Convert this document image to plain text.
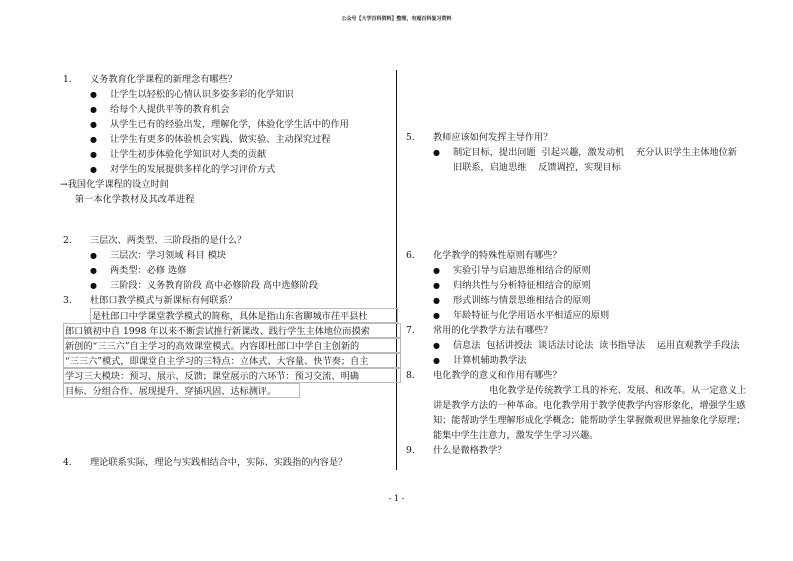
公众号【大学百科资料】整理，有超百科复习资料
1.	义务教育化学课程的新理念有哪些？
●	让学生以轻松的心情认识多姿多彩的化学知识
●	给每个人提供平等的教育机会
●	从学生已有的经验出发，理解化学，体验化学生活中的作用
●	让学生有更多的体验机会实践、做实验、主动探究过程
●	让学生初步体验化学知识对人类的贡献
●	对学生的发展提供多样化的学习评价方式
→我国化学课程的设立时间
第一本化学教材及其改革进程
2.	三层次、两类型、三阶段指的是什么？
●	三层次：学习领域 科目 模块
●	两类型：必修 选修
●	三阶段：义务教育阶段 高中必修阶段 高中选修阶段
3.	杜郎口教学模式与新课标有何联系？
是杜郎口中学课堂教学模式的简称，具体是指山东省聊城市茌平县杜
郎口镇初中自 1998 年以来不断尝试推行新课改、践行学生主体地位而摸索
新创的“三三六”自主学习的高效课堂模式。内容即杜郎口中学自主创新的
“三三六”模式，即课堂自主学习的三特点：立体式、大容量、快节奏；自主
学习三大模块：预习、展示、反馈；课堂展示的六环节：预习交流、明确
目标、分组合作、展现提升、穿插巩固、达标测评。
4.	理论联系实际，理论与实践相结合中，实际、实践指的内容是？
5.	教师应该如何发挥主导作用？
●	制定目标，提出问题  引起兴趣，激发动机    充分认识学生主体地位新旧联系，启迪思维    反馈调控，实现目标
6.	化学教学的特殊性原则有哪些？
●	实验引导与启迪思维相结合的原则
●	归纳共性与分析特征相结合的原则
●	形式训练与情景思维相结合的原则
●	年龄特征与化学用语水平相适应的原则
7.	常用的化学教学方法有哪些？
●	信息法  包括讲授法  谈话法讨论法  读书指导法    运用直观教学手段法
●	计算机辅助教学法
8.	电化教学的意义和作用有哪些？
电化教学是传统教学工具的补充、发展、和改革。从一定意义上讲是教学方法的一种革命。电化教学用于教学使教学内容形象化，增强学生感知；能帮助学生理解形成化学概念；能帮助学生掌握微观世界抽象化学原理；能集中学生注意力，激发学生学习兴趣。
9.	什么是微格教学？
- 1 -
